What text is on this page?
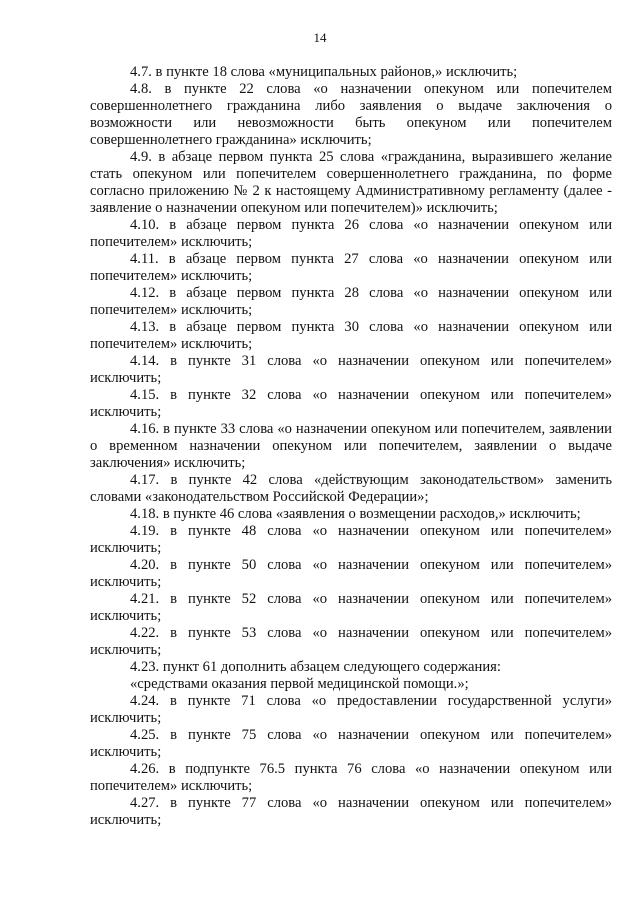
14

4.7. в пункте 18 слова «муниципальных районов,» исключить;

4.8. в пункте 22 слова «о назначении опекуном или попечителем совершеннолетнего гражданина либо заявления о выдаче заключения о возможности или невозможности быть опекуном или попечителем совершеннолетнего гражданина» исключить;

4.9. в абзаце первом пункта 25 слова «гражданина, выразившего желание стать опекуном или попечителем совершеннолетнего гражданина, по форме согласно приложению № 2 к настоящему Административному регламенту (далее - заявление о назначении опекуном или попечителем)» исключить;

4.10. в абзаце первом пункта 26 слова «о назначении опекуном или попечителем» исключить;

4.11. в абзаце первом пункта 27 слова «о назначении опекуном или попечителем» исключить;

4.12. в абзаце первом пункта 28 слова «о назначении опекуном или попечителем» исключить;

4.13. в абзаце первом пункта 30 слова «о назначении опекуном или попечителем» исключить;

4.14. в пункте 31 слова «о назначении опекуном или попечителем» исключить;

4.15. в пункте 32 слова «о назначении опекуном или попечителем» исключить;

4.16. в пункте 33 слова «о назначении опекуном или попечителем, заявлении о временном назначении опекуном или попечителем, заявлении о выдаче заключения» исключить;

4.17. в пункте 42 слова «действующим законодательством» заменить словами «законодательством Российской Федерации»;

4.18. в пункте 46 слова «заявления о возмещении расходов,» исключить;

4.19. в пункте 48 слова «о назначении опекуном или попечителем» исключить;

4.20. в пункте 50 слова «о назначении опекуном или попечителем» исключить;

4.21. в пункте 52 слова «о назначении опекуном или попечителем» исключить;

4.22. в пункте 53 слова «о назначении опекуном или попечителем» исключить;

4.23. пункт 61 дополнить абзацем следующего содержания:

«средствами оказания первой медицинской помощи.»;

4.24. в пункте 71 слова «о предоставлении государственной услуги» исключить;

4.25. в пункте 75 слова «о назначении опекуном или попечителем» исключить;

4.26. в подпункте 76.5 пункта 76 слова «о назначении опекуном или попечителем» исключить;

4.27. в пункте 77 слова «о назначении опекуном или попечителем» исключить;
